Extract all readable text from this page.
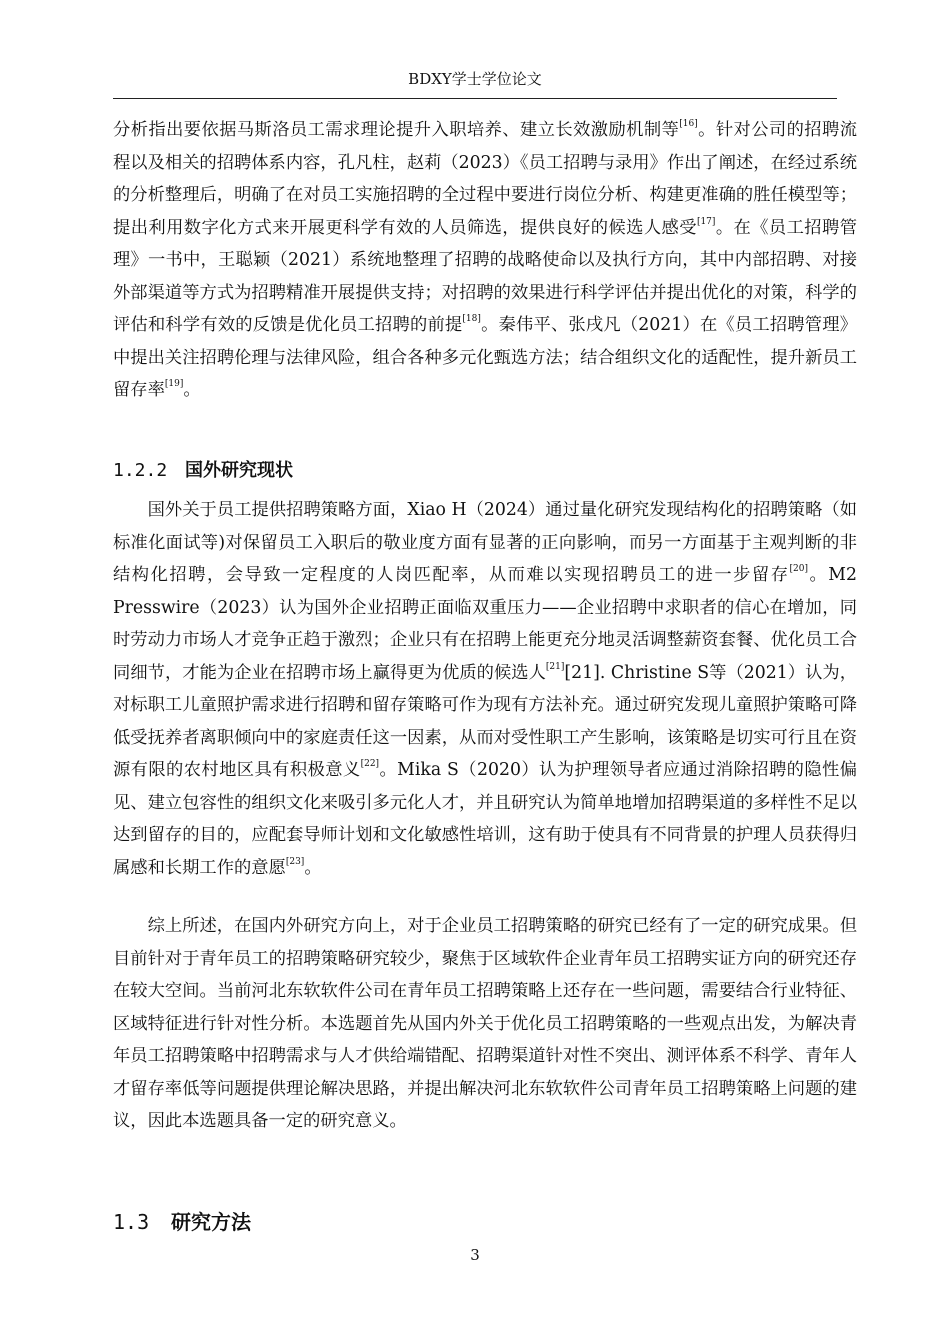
BDXY学士学位论文

分析指出要依据马斯洛员工需求理论提升入职培养、建立长效激励机制等[16]。针对公司的招聘流程以及相关的招聘体系内容，孔凡柱，赵莉（2023）《员工招聘与录用》作出了阐述，在经过系统的分析整理后，明确了在对员工实施招聘的全过程中要进行岗位分析、构建更准确的胜任模型等；提出利用数字化方式来开展更科学有效的人员筛选，提供良好的候选人感受[17]。在《员工招聘管理》一书中，王聪颖（2021）系统地整理了招聘的战略使命以及执行方向，其中内部招聘、对接外部渠道等方式为招聘精准开展提供支持；对招聘的效果进行科学评估并提出优化的对策，科学的评估和科学有效的反馈是优化员工招聘的前提[18]。秦伟平、张戌凡（2021）在《员工招聘管理》中提出关注招聘伦理与法律风险，组合各种多元化甄选方法；结合组织文化的适配性，提升新员工留存率[19]。

1.2.2 国外研究现状

国外关于员工提供招聘策略方面，Xiao H（2024）通过量化研究发现结构化的招聘策略（如标准化面试等)对保留员工入职后的敬业度方面有显著的正向影响，而另一方面基于主观判断的非结构化招聘，会导致一定程度的人岗匹配率，从而难以实现招聘员工的进一步留存[20]。M2 Presswire（2023）认为国外企业招聘正面临双重压力——企业招聘中求职者的信心在增加，同时劳动力市场人才竞争正趋于激烈；企业只有在招聘上能更充分地灵活调整薪资套餐、优化员工合同细节，才能为企业在招聘市场上赢得更为优质的候选人[21][21]. Christine S等（2021）认为，对标职工儿童照护需求进行招聘和留存策略可作为现有方法补充。通过研究发现儿童照护策略可降低受抚养者离职倾向中的家庭责任这一因素，从而对受性职工产生影响，该策略是切实可行且在资源有限的农村地区具有积极意义[22]。Mika S（2020）认为护理领导者应通过消除招聘的隐性偏见、建立包容性的组织文化来吸引多元化人才，并且研究认为简单地增加招聘渠道的多样性不足以达到留存的目的，应配套导师计划和文化敏感性培训，这有助于使具有不同背景的护理人员获得归属感和长期工作的意愿[23]。

综上所述，在国内外研究方向上，对于企业员工招聘策略的研究已经有了一定的研究成果。但目前针对于青年员工的招聘策略研究较少，聚焦于区域软件企业青年员工招聘实证方向的研究还存在较大空间。当前河北东软软件公司在青年员工招聘策略上还存在一些问题，需要结合行业特征、区域特征进行针对性分析。本选题首先从国内外关于优化员工招聘策略的一些观点出发，为解决青年员工招聘策略中招聘需求与人才供给端错配、招聘渠道针对性不突出、测评体系不科学、青年人才留存率低等问题提供理论解决思路，并提出解决河北东软软件公司青年员工招聘策略上问题的建议，因此本选题具备一定的研究意义。

1.3 研究方法
3
